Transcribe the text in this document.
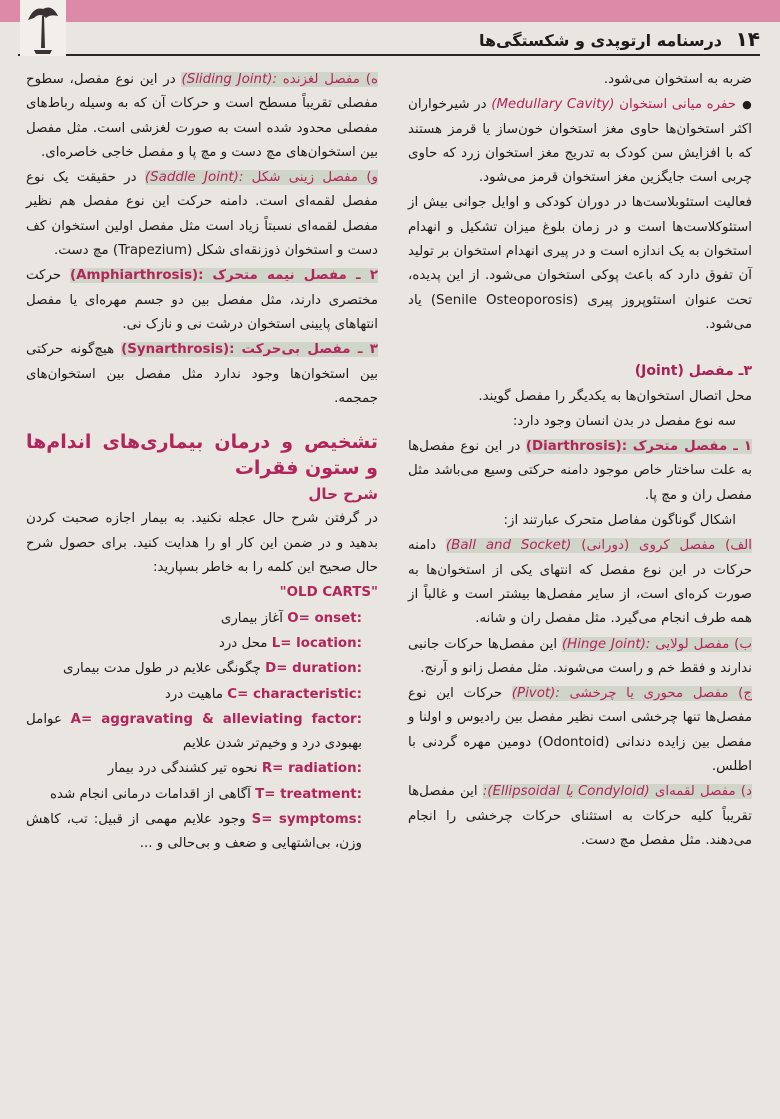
۱۴
درسنامه ارتوپدی و شکستگی‌ها

ضربه به استخوان می‌شود.

● حفره میانی استخوان (Medullary Cavity) در شیرخواران اکثر استخوان‌ها حاوی مغز استخوان خون‌ساز یا قرمز هستند که با افزایش سن کودک به تدریج مغز استخوان زرد که حاوی چربی است جایگزین مغز استخوان قرمز می‌شود.

فعالیت استئوبلاست‌ها در دوران کودکی و اوایل جوانی بیش از استئوکلاست‌ها است و در زمان بلوغ میزان تشکیل و انهدام استخوان به یک اندازه است و در پیری انهدام استخوان بر تولید آن تفوق دارد که باعث پوکی استخوان می‌شود. از این پدیده، تحت عنوان استئوپروز پیری (Senile Osteoporosis) یاد می‌شود.

۳ـ مفصل (Joint)

محل اتصال استخوان‌ها به یکدیگر را مفصل گویند.

سه نوع مفصل در بدن انسان وجود دارد:

۱ ـ مفصل متحرک (Diarthrosis): در این نوع مفصل‌ها به علت ساختار خاص موجود دامنه حرکتی وسیع می‌باشد مثل مفصل ران و مچ پا.

اشکال گوناگون مفاصل متحرک عبارتند از:

الف) مفصل کروی (دورانی) (Ball and Socket) دامنه حرکات در این نوع مفصل که انتهای یکی از استخوان‌ها به صورت کره‌ای است، از سایر مفصل‌ها بیشتر است و غالباً از همه طرف انجام می‌گیرد. مثل مفصل ران و شانه.

ب) مفصل لولایی (Hinge Joint): این مفصل‌ها حرکات جانبی ندارند و فقط خم و راست می‌شوند. مثل مفصل زانو و آرنج.

ج) مفصل محوری یا چرخشی (Pivot): حرکات این نوع مفصل‌ها تنها چرخشی است نظیر مفصل بین رادیوس و اولنا و مفصل بین زایده دندانی (Odontoid) دومین مهره گردنی با اطلس.

د) مفصل لقمه‌ای (Condyloid یا Ellipsoidal): این مفصل‌ها تقریباً کلیه حرکات به استثنای حرکات چرخشی را انجام می‌دهند. مثل مفصل مچ دست.

ه) مفصل لغزنده (Sliding Joint): در این نوع مفصل، سطوح مفصلی تقریباً مسطح است و حرکات آن که به وسیله رباط‌های مفصلی محدود شده است به صورت لغزشی است. مثل مفصل بین استخوان‌های مچ دست و مچ پا و مفصل خاجی خاصره‌ای.

و) مفصل زینی شکل (Saddle Joint): در حقیقت یک نوع مفصل لقمه‌ای است. دامنه حرکت این نوع مفصل هم نظیر مفصل لقمه‌ای نسبتاً زیاد است مثل مفصل اولین استخوان کف دست و استخوان ذوزنقه‌ای شکل (Trapezium) مچ دست.

۲ ـ مفصل نیمه متحرک (Amphiarthrosis): حرکت مختصری دارند، مثل مفصل بین دو جسم مهره‌ای یا مفصل انتهاهای پایینی استخوان درشت نی و نازک نی.

۳ ـ مفصل بی‌حرکت (Synarthrosis): هیچ‌گونه حرکتی بین استخوان‌ها وجود ندارد مثل مفصل بین استخوان‌های جمجمه.

تشخیص و درمان بیماری‌های اندام‌ها و ستون فقرات

شرح حال

در گرفتن شرح حال عجله نکنید. به بیمار اجازه صحبت کردن بدهید و در ضمن این کار او را هدایت کنید. برای حصول شرح حال صحیح این کلمه را به خاطر بسپارید:

"OLD CARTS"

O= onset: آغاز بیماری

L= location: محل درد

D= duration: چگونگی علایم در طول مدت بیماری

C= characteristic: ماهیت درد

A= aggravating & alleviating factor: عوامل بهبودی درد و وخیم‌تر شدن علایم

R= radiation: نحوه تیر کشندگی درد بیمار

T= treatment: آگاهی از اقدامات درمانی انجام شده

S= symptoms: وجود علایم مهمی از قبیل: تب، کاهش وزن، بی‌اشتهایی و ضعف و بی‌حالی و ...
